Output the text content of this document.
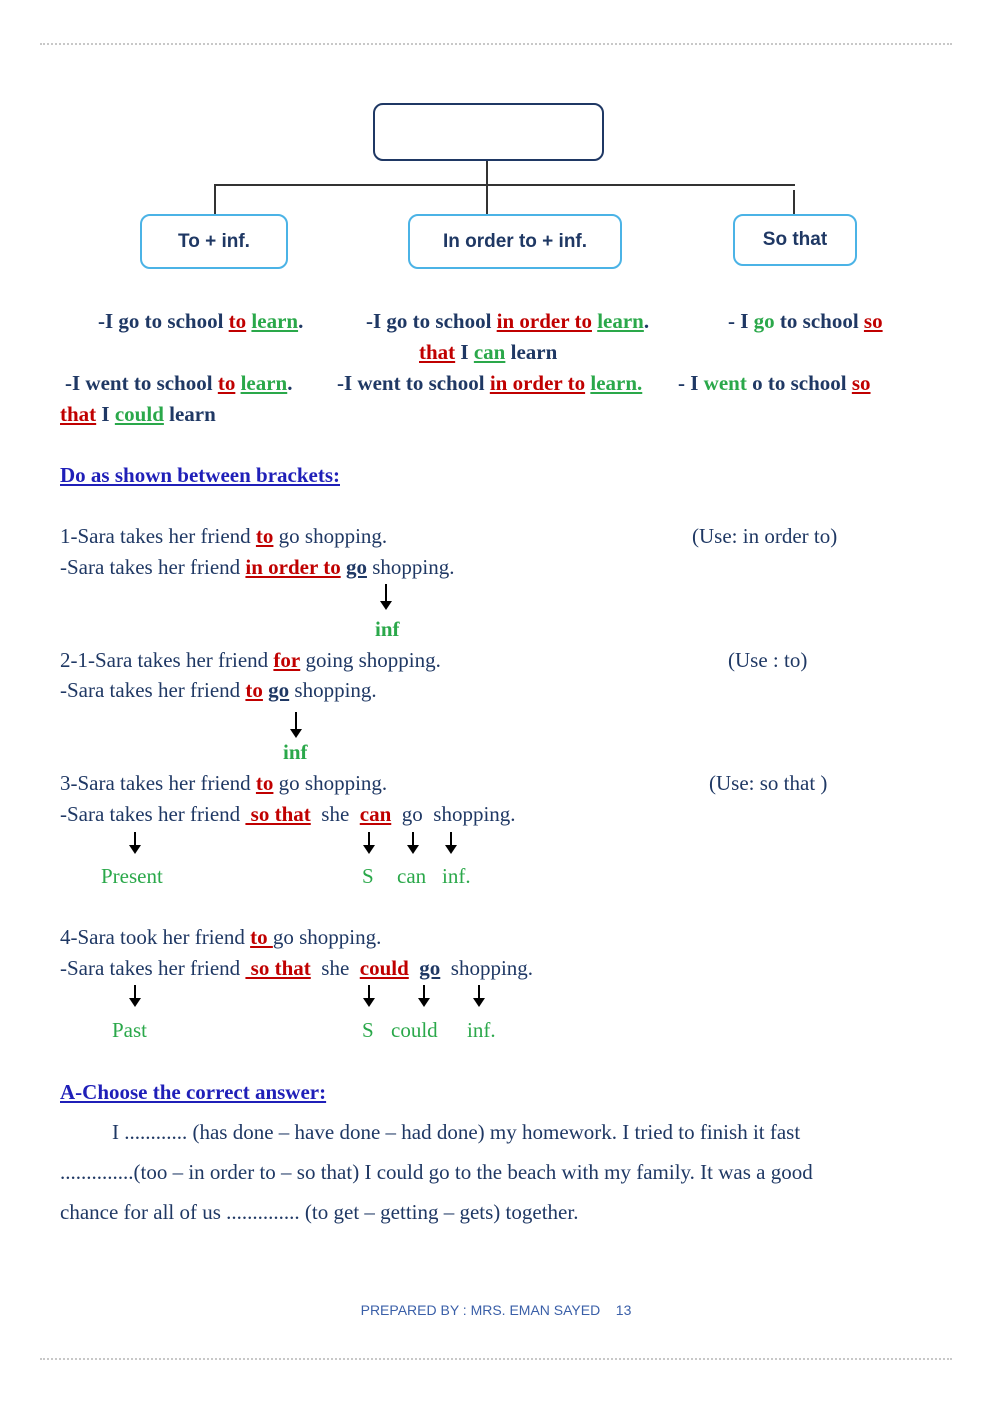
To + inf.	In order to + inf.	So that
-I go to school to learn.	-I go to school in order to learn.	- I go to school so
that I can learn
-I went to school to learn. -I went to school in order to learn. - I went o to school so
that I could learn
Do as shown between brackets:
1-Sara takes her friend to go shopping.	(Use: in order to)
-Sara takes her friend in order to go shopping.
inf
2-1-Sara takes her friend for going shopping.	(Use : to)
-Sara takes her friend to go shopping.
inf
3-Sara takes her friend to go shopping.	(Use: so that )
-Sara takes her friend  so that  she  can  go  shopping.
Present	S can inf.
4-Sara took her friend to go shopping.
-Sara takes her friend  so that  she  could go  shopping.
Past	S could inf.
A-Choose the correct answer:
I ............ (has done – have done – had done) my homework. I tried to finish it fast
..............(too – in order to – so that) I could go to the beach with my family. It was a good
chance for all of us .............. (to get – getting – gets) together.
PREPARED BY : MRS. EMAN SAYED 13
